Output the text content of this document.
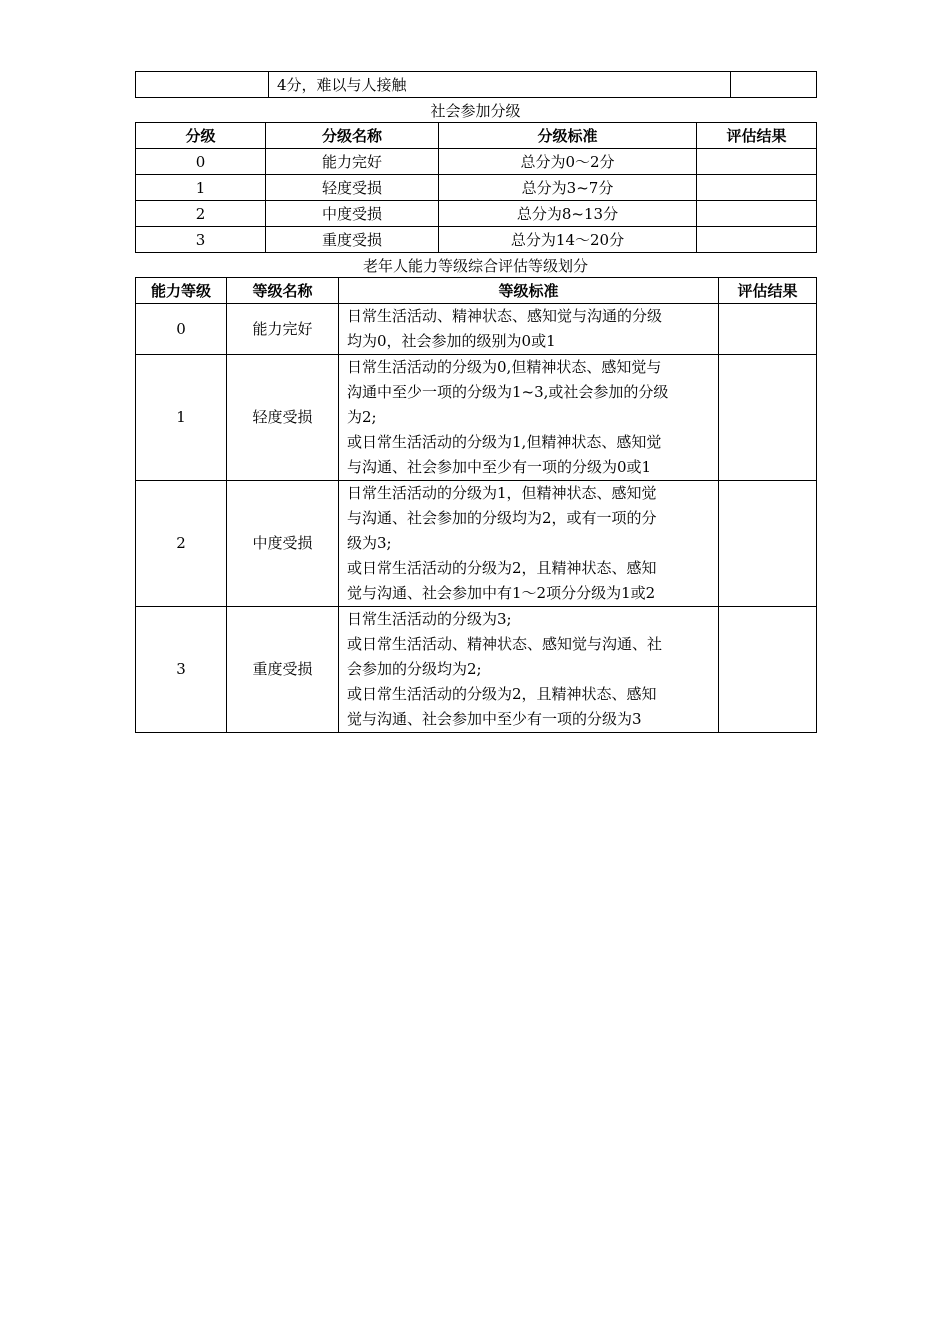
	4分，难以与人接触	
社会参加分级
分级	分级名称	分级标准	评估结果
0	能力完好	总分为0～2分	
1	轻度受损	总分为3~7分	
2	中度受损	总分为8~13分	
3	重度受损	总分为14～20分	
老年人能力等级综合评估等级划分
能力等级	等级名称	等级标准	评估结果
0	能力完好	日常生活活动、精神状态、感知觉与沟通的分级
均为0，社会参加的级别为0或1	

1	轻度受损	日常生活活动的分级为0,但精神状态、感知觉与
沟通中至少一项的分级为1~3,或社会参加的分级
为2;
或日常生活活动的分级为1,但精神状态、感知觉
与沟通、社会参加中至少有一项的分级为0或1	

2	中度受损	日常生活活动的分级为1，但精神状态、感知觉
与沟通、社会参加的分级均为2，或有一项的分
级为3;
或日常生活活动的分级为2，且精神状态、感知
觉与沟通、社会参加中有1～2项分分级为1或2	

3	重度受损	日常生活活动的分级为3;
或日常生活活动、精神状态、感知觉与沟通、社
会参加的分级均为2;
或日常生活活动的分级为2，且精神状态、感知
觉与沟通、社会参加中至少有一项的分级为3	
